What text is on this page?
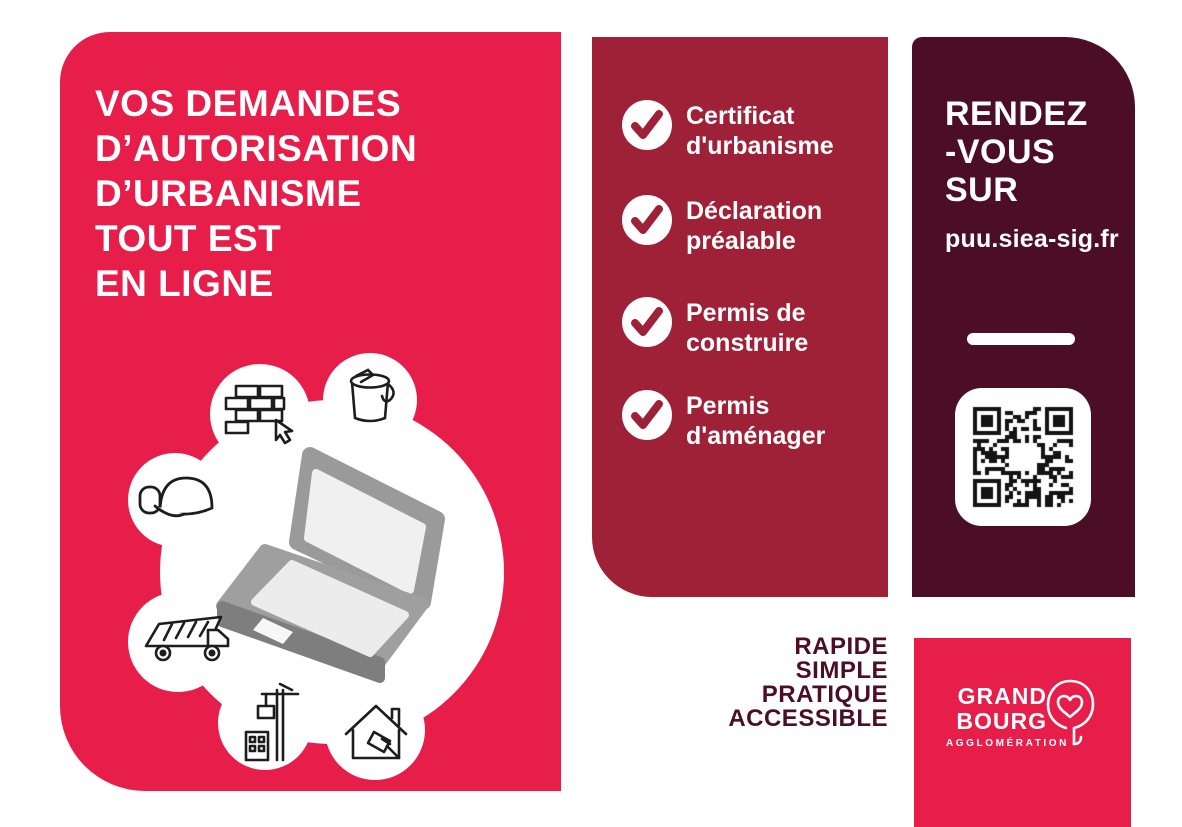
VOS DEMANDES
D’AUTORISATION
D’URBANISME
TOUT EST
EN LIGNE
Certificat
d'urbanisme
Déclaration
préalable
Permis de
construire
Permis
d'aménager
RENDEZ
-VOUS
SUR
puu.siea-sig.fr
RAPIDE
SIMPLE
PRATIQUE
ACCESSIBLE
GRAND
BOURG
AGGLOMÉRATION
